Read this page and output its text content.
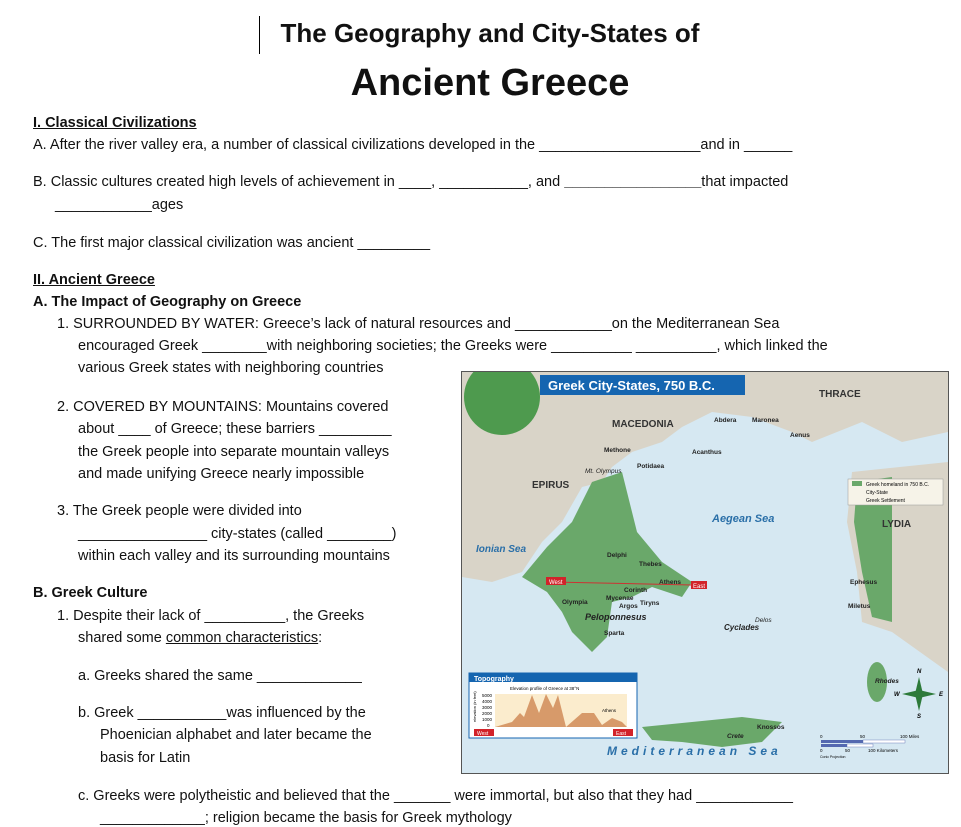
The Geography and City-States of
Ancient Greece
I. Classical Civilizations
A. After the river valley era, a number of classical civilizations developed in the ____________________and in ______
B. Classic cultures created high levels of achievement in ____, ___________, and _________________that impacted
____________ages
C. The first major classical civilization was ancient _________
II. Ancient Greece
A. The Impact of Geography on Greece
1. SURROUNDED BY WATER: Greece’s lack of natural resources and ____________on the Mediterranean Sea
encouraged Greek ________with neighboring societies; the Greeks were __________ __________, which linked the
various Greek states with neighboring countries
2. COVERED BY MOUNTAINS: Mountains covered
about ____ of Greece; these barriers _________
the Greek people into separate mountain valleys
and made unifying Greece nearly impossible
3. The Greek people were divided into
________________ city-states (called ________)
within each valley and its surrounding mountains
B. Greek Culture
1. Despite their lack of __________, the Greeks
shared some common characteristics:
a. Greeks shared the same _____________
b. Greek ___________was influenced by the
Phoenician alphabet and later became the
basis for Latin
c. Greeks were polytheistic and believed that the _______ were immortal, but also that they had ____________
_____________; religion became the basis for Greek mythology
Greek City-States, 750 B.C.
THRACE
MACEDONIA
EPIRUS
LYDIA
Aegean Sea
Ionian Sea
Mediterranean Sea
Abdera Maronea
Aenus
Methone	Acanthus
Potidaea
Mt. Olympus
Delphi
Thebes
Athens
Corinth
Mycenae
Argos Tiryns
Olympia
Peloponnesus
Sparta
Delos
Cyclades
Ephesus
Miletus
Rhodes
Knossos
Crete
West
East
Greek homeland in 750 B.C.
City-State
Greek Settlement
Topography
Elevation profile of Greece at 38°N
elevation (in feet) 5000
4000
3000
2000
1000
0
Athens
West	East
N
S
E
W
0	50	100 Miles
0	50	100 Kilometers
Conic Projection
